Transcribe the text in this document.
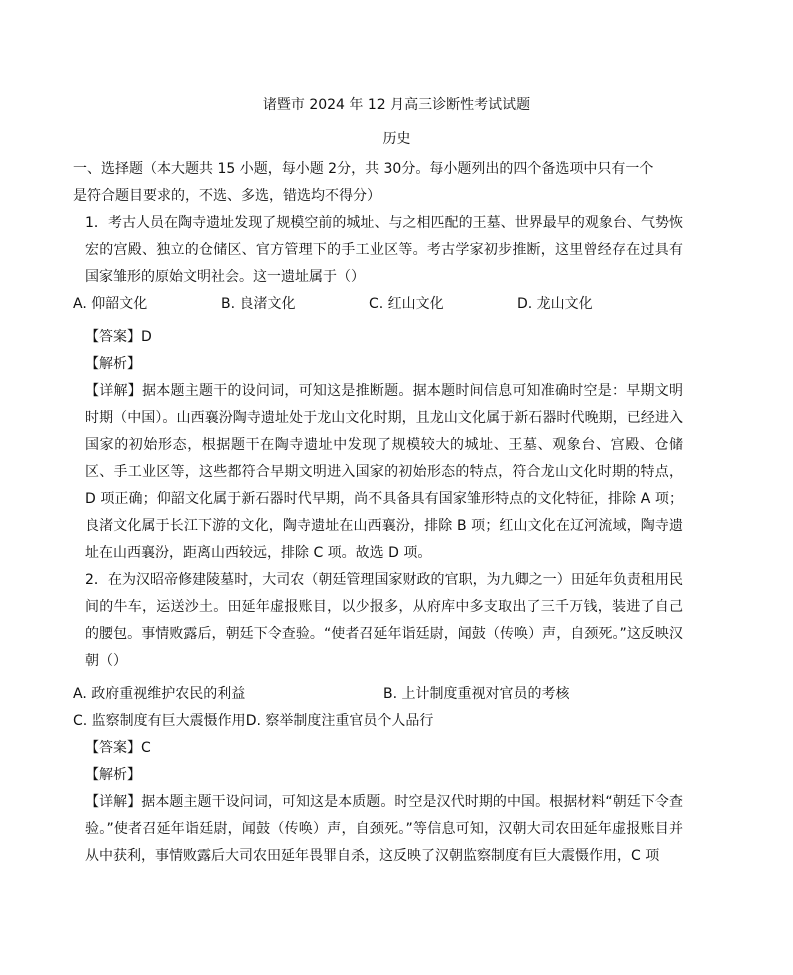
诸暨市 2024 年 12 月高三诊断性考试试题
历史

一、选择题（本大题共 15 小题，每小题 2分，共 30分。每小题列出的四个备选项中只有一个

是符合题目要求的，不选、多选，错选均不得分）

1．考古人员在陶寺遗址发现了规模空前的城址、与之相匹配的王墓、世界最早的观象台、气势恢宏的宫殿、独立的仓储区、官方管理下的手工业区等。考古学家初步推断，这里曾经存在过具有国家雏形的原始文明社会。这一遗址属于（）

A. 仰韶文化	B. 良渚文化	C. 红山文化	D. 龙山文化

【答案】D

【解析】

【详解】据本题主题干的设问词，可知这是推断题。据本题时间信息可知准确时空是：早期文明时期（中国）。山西襄汾陶寺遗址处于龙山文化时期，且龙山文化属于新石器时代晚期，已经进入国家的初始形态，根据题干在陶寺遗址中发现了规模较大的城址、王墓、观象台、宫殿、仓储区、手工业区等，这些都符合早期文明进入国家的初始形态的特点，符合龙山文化时期的特点，D 项正确；仰韶文化属于新石器时代早期，尚不具备具有国家雏形特点的文化特征，排除 A 项；良渚文化属于长江下游的文化，陶寺遗址在山西襄汾，排除 B 项；红山文化在辽河流域，陶寺遗址在山西襄汾，距离山西较远，排除 C 项。故选 D 项。

2．在为汉昭帝修建陵墓时，大司农（朝廷管理国家财政的官职，为九卿之一）田延年负责租用民间的牛车，运送沙土。田延年虚报账目，以少报多，从府库中多支取出了三千万钱，装进了自己的腰包。事情败露后，朝廷下令查验。“使者召延年诣廷尉，闻鼓（传唤）声，自颈死。”这反映汉朝（）

A. 政府重视维护农民的利益	B. 上计制度重视对官员的考核
C. 监察制度有巨大震慑作用 D. 察举制度注重官员个人品行

【答案】C

【解析】

【详解】据本题主题干设问词，可知这是本质题。时空是汉代时期的中国。根据材料“朝廷下令查验。”使者召延年诣廷尉，闻鼓（传唤）声，自颈死。”等信息可知，汉朝大司农田延年虚报账目并从中获利，事情败露后大司农田延年畏罪自杀，这反映了汉朝监察制度有巨大震慑作用，C 项
